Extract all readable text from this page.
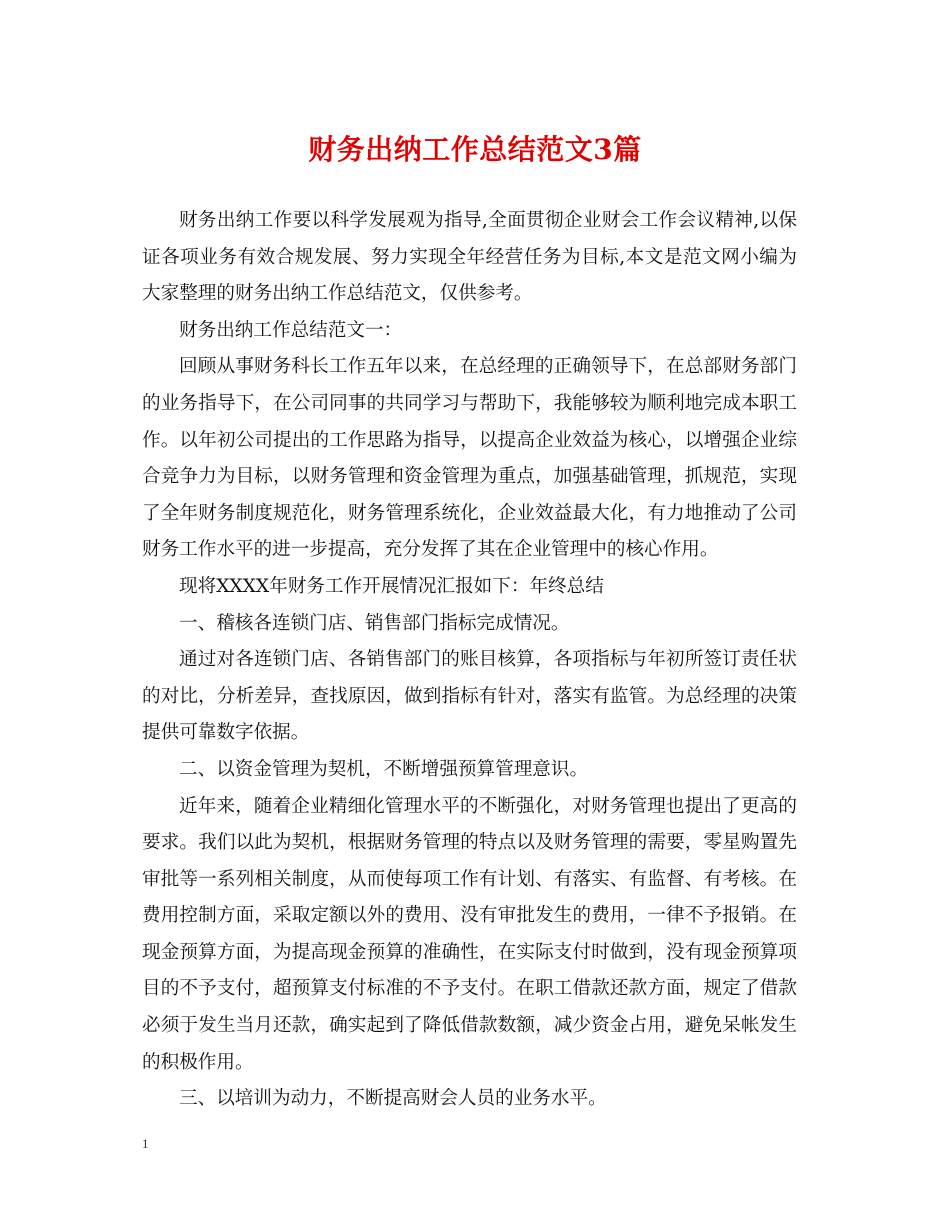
财务出纳工作总结范文3篇

财务出纳工作要以科学发展观为指导,全面贯彻企业财会工作会议精神,以保证各项业务有效合规发展、努力实现全年经营任务为目标,本文是范文网小编为大家整理的财务出纳工作总结范文，仅供参考。

财务出纳工作总结范文一：

回顾从事财务科长工作五年以来，在总经理的正确领导下，在总部财务部门的业务指导下，在公司同事的共同学习与帮助下，我能够较为顺利地完成本职工作。以年初公司提出的工作思路为指导，以提高企业效益为核心，以增强企业综合竞争力为目标，以财务管理和资金管理为重点，加强基础管理，抓规范，实现了全年财务制度规范化，财务管理系统化，企业效益最大化，有力地推动了公司财务工作水平的进一步提高，充分发挥了其在企业管理中的核心作用。

现将XXXX年财务工作开展情况汇报如下：年终总结

一、稽核各连锁门店、销售部门指标完成情况。

通过对各连锁门店、各销售部门的账目核算，各项指标与年初所签订责任状的对比，分析差异，查找原因，做到指标有针对，落实有监管。为总经理的决策提供可靠数字依据。

二、以资金管理为契机，不断增强预算管理意识。

近年来，随着企业精细化管理水平的不断强化，对财务管理也提出了更高的要求。我们以此为契机，根据财务管理的特点以及财务管理的需要，零星购置先审批等一系列相关制度，从而使每项工作有计划、有落实、有监督、有考核。在费用控制方面，采取定额以外的费用、没有审批发生的费用，一律不予报销。在现金预算方面，为提高现金预算的准确性，在实际支付时做到，没有现金预算项目的不予支付，超预算支付标准的不予支付。在职工借款还款方面，规定了借款必须于发生当月还款，确实起到了降低借款数额，减少资金占用，避免呆帐发生的积极作用。

三、以培训为动力，不断提高财会人员的业务水平。

1
